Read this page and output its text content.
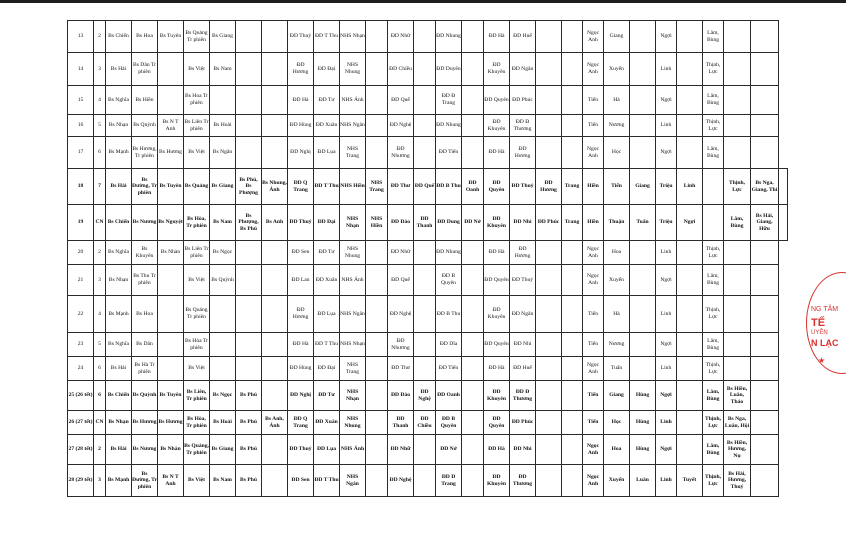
13	2	Bs Chiến	Bs Hoa	Bs Tuyên	Bs Quảng Tr phiên	Bs Giang			ĐD Thuỷ	ĐD T Thu	NHS Nhạn		ĐD Nhữ		ĐD Nhung		ĐD Hà	ĐD Huế			Ngọc Anh	Giang		Ngợi		Lâm, Bùng			
14	3	Bs Hải	Bs Dân Tr phiên		Bs Việt	Bs Nam			ĐD Hương	ĐD Đại	NHS Nhung		ĐD Chiều		ĐD Duyên		ĐD Khuyên	ĐD Ngân			Ngọc Anh	Xuyến		Linh		Thịnh, Lực			
15	4	Bs Nghĩa	Bs Hiền		Bs Hoa Tr phiên				ĐD Hà	ĐD Tư	NHS Ánh		ĐD Quế		ĐD Đ Trang		ĐD Quyên	ĐD Phúc			Tiến	Hà		Ngợi		Lâm, Bùng			
16	5	Bs Nhạn	Bs Quỳnh	Bs N T Anh	Bs Liên Tr phiên	Bs Hoài			ĐD Hùng	ĐD Xuân	NHS Ngân		ĐD Nghệ		ĐD Nhung		ĐD Khuyên	ĐD Đ Thương			Tiến	Nương		Linh		Thịnh, Lực			
17	6	Bs Mạnh	Bs Hương, Tr phiên	Bs Hương	Bs Việt	Bs Ngân			ĐD Nghị	ĐD Lụa	NHS Trang		ĐD Nhương		ĐD Tiến		ĐD Hà	ĐD Hương			Ngọc Anh	Học		Ngợi		Lâm, Bùng			
18	7	Bs Hải	Bs Đường, Tr phiên	Bs Tuyên	Bs Quảng	Bs Giang	Bs Phú, Bs Phượng	Bs Nhung, Ánh	ĐD Q Trang	ĐD T Thu	NHS Hiền	NHS Trang	ĐD Thư	ĐD Quế	ĐD B Thu	ĐD Oanh	ĐD Quyên	ĐD Thuỷ	ĐD Hương	Trang	Hiền	Tiến	Giang	Triệu	Linh		Thịnh, Lực	Bs Nga, Giang, Thi	
19	CN	Bs Chiến	Bs Nương	Bs Nguyệt	Bs Hòa, Tr phiên	Bs Nam	Bs Phượng, Bs Phú	Bs Anh	ĐD Thuỷ	ĐD Đại	NHS Nhạn	NHS Hiền	ĐD Đào	ĐD Thanh	ĐD Dung	ĐD Nở	ĐD Khuyên	ĐD Nhi	ĐD Phúc	Trang	Hiền	Thuận	Tuấn	Triệu	Ngợi		Lâm, Bùng	Bs Hải, Giang, Hữu	
20	2	Bs Nghĩa	Bs Khuyên	Bs Nhàn	Bs Liên Tr phiên	Bs Ngọc			ĐD Sen	ĐD Tư	NHS Nhung		ĐD Nhữ		ĐD Nhung		ĐD Hà	ĐD Hương			Ngọc Anh	Hoa		Linh		Thịnh, Lực			
21	3	Bs Nhạn	Bs Thu Tr phiên		Bs Việt	Bs Quỳnh			ĐD Lan	ĐD Xuân	NHS Ánh		ĐD Quế		ĐD B Quyên		ĐD Quyên	ĐD Thuỷ			Ngọc Anh	Xuyến		Ngợi		Lâm, Bùng			
22	4	Bs Mạnh	Bs Hoa		Bs Quảng Tr phiên				ĐD Hương	ĐD Lụa	NHS Ngân		ĐD Nghệ		ĐD B Thu		ĐD Khuyên	ĐD Ngân			Tiến	Hà		Linh		Thịnh, Lực			
23	5	Bs Nghĩa	Bs Dân		Bs Hòa Tr phiên				ĐD Hà	ĐD T Thu	NHS Nhạn		ĐD Nhương		ĐD Dĩa		ĐD Quyên	ĐD Nhi			Tiến	Nương		Ngợi		Lâm, Bùng			
24	6	Bs Hải	Bs Hà Tr phiên		Bs Việt				ĐD Hùng	ĐD Đại	NHS Trang		ĐD Thư		ĐD Tiến		ĐD Hà	ĐD Huế			Ngọc Anh	Tuấn		Linh		Thịnh, Lực			
25 (26 tết)	6	Bs Chiến	Bs Quỳnh	Bs Tuyên	Bs Liên, Tr phiên	Bs Ngọc	Bs Phú		ĐD Nghị	ĐD Tư	NHS Nhạn		ĐD Đào	ĐD Nghệ	ĐD Oanh		ĐD Khuyên	ĐD Đ Thương			Tiến	Giang	Hùng	Ngợi		Lâm, Bùng	Bs Hiền, Luân, Thảo		
26 (27 tết)	CN	Bs Nhạn	Bs Hương	Bs Hương	Bs Hòa, Tr phiên	Bs Hoài	Bs Phú	Bs Anh, Ánh	ĐD Q Trang	ĐD Xuân	NHS Nhung		ĐD Thanh	ĐD Chiều	ĐD B Quyên		ĐD Quyên	ĐD Phúc			Tiến	Học	Hùng	Linh		Thịnh, Lực	Bs Nga, Luân, Hội		
27 (28 tết)	2	Bs Hải	Bs Nương	Bs Nhàn	Bs Quảng, Tr phiên	Bs Giang	Bs Phú		ĐD Thuỷ	ĐD Lụa	NHS Ánh		ĐD Nhữ		ĐD Nở		ĐD Hà	ĐD Nhi			Ngọc Anh	Hoa	Hùng	Ngợi		Lâm, Bùng	Bs Hiền, Hương, Nụ		
28 (29 tết)	3	Bs Mạnh	Bs Đường, Tr phiên	Bs N T Anh	Bs Việt	Bs Nam	Bs Phú		ĐD Sen	ĐD T Thu	NHS Ngân		ĐD Nghệ		ĐD Đ Trang		ĐD Khuyên	ĐD Thương			Ngọc Anh	Xuyến	Luân	Linh	Tuyết	Thịnh, Lực	Bs Hải, Hương, Thuý		
NG TÂM
TẾ
UYÊN
N LẠC
★
